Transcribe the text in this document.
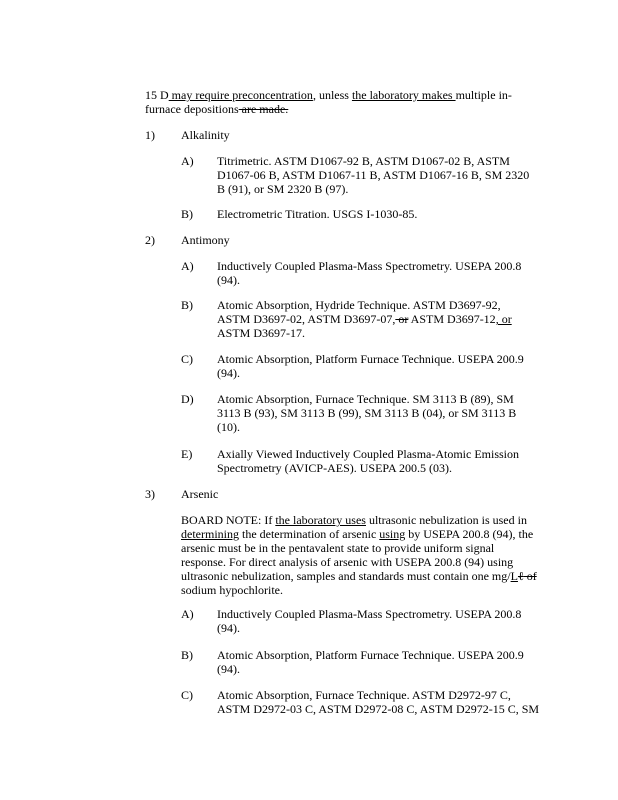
15 D may require preconcentration, unless the laboratory makes multiple in-
furnace depositions are made.
1) Alkalinity
A) Titrimetric. ASTM D1067-92 B, ASTM D1067-02 B, ASTM
D1067-06 B, ASTM D1067-11 B, ASTM D1067-16 B, SM 2320
B (91), or SM 2320 B (97).
B) Electrometric Titration. USGS I-1030-85.
2) Antimony
A) Inductively Coupled Plasma-Mass Spectrometry. USEPA 200.8
(94).
B) Atomic Absorption, Hydride Technique. ASTM D3697-92,
ASTM D3697-02, ASTM D3697-07, or ASTM D3697-12, or
ASTM D3697-17.
C) Atomic Absorption, Platform Furnace Technique. USEPA 200.9
(94).
D) Atomic Absorption, Furnace Technique. SM 3113 B (89), SM
3113 B (93), SM 3113 B (99), SM 3113 B (04), or SM 3113 B
(10).
E) Axially Viewed Inductively Coupled Plasma-Atomic Emission
Spectrometry (AVICP-AES). USEPA 200.5 (03).
3) Arsenic
BOARD NOTE: If the laboratory uses ultrasonic nebulization is used in
determining the determination of arsenic using by USEPA 200.8 (94), the
arsenic must be in the pentavalent state to provide uniform signal
response. For direct analysis of arsenic with USEPA 200.8 (94) using
ultrasonic nebulization, samples and standards must contain one mg/Lℓ of
sodium hypochlorite.
A) Inductively Coupled Plasma-Mass Spectrometry. USEPA 200.8
(94).
B) Atomic Absorption, Platform Furnace Technique. USEPA 200.9
(94).
C) Atomic Absorption, Furnace Technique. ASTM D2972-97 C,
ASTM D2972-03 C, ASTM D2972-08 C, ASTM D2972-15 C, SM
